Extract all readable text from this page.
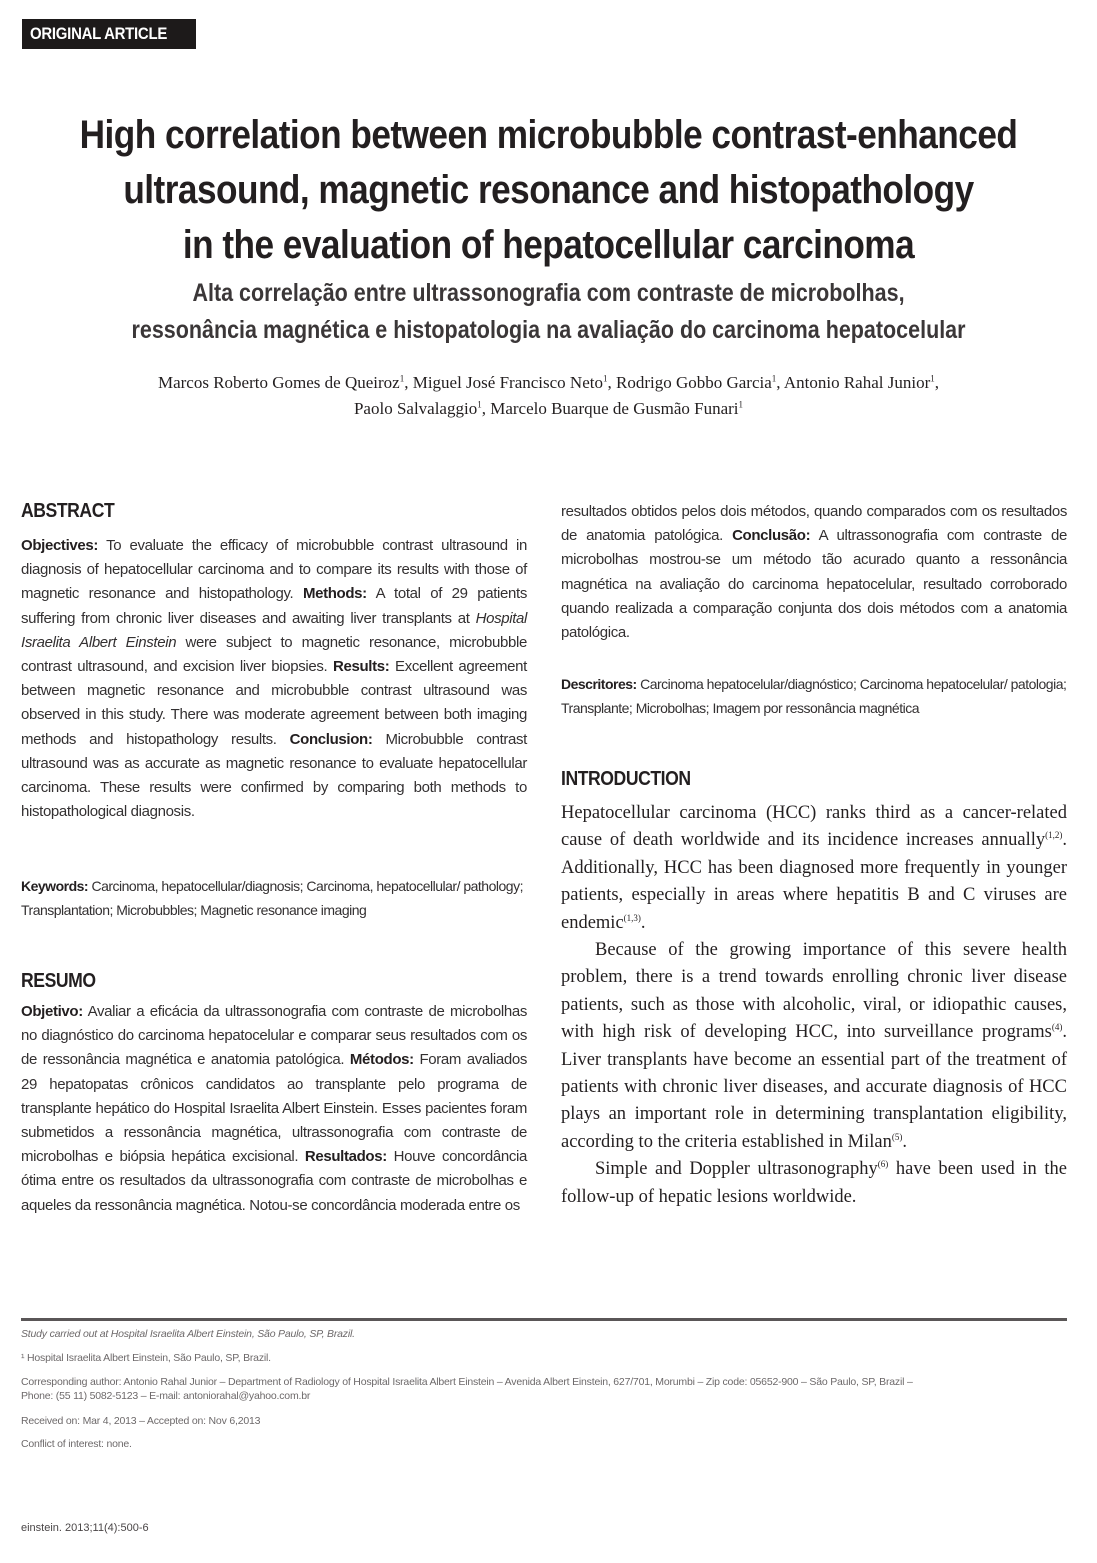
ORIGINAL ARTICLE
High correlation between microbubble contrast-enhanced
ultrasound, magnetic resonance and histopathology
in the evaluation of hepatocellular carcinoma
Alta correlação entre ultrassonografia com contraste de microbolhas,
ressonância magnética e histopatologia na avaliação do carcinoma hepatocelular
Marcos Roberto Gomes de Queiroz$^1$, Miguel José Francisco Neto$^1$, Rodrigo Gobbo Garcia$^1$, Antonio Rahal Junior$^1$,
Paolo Salvalaggio$^1$, Marcelo Buarque de Gusmão Funari$^1$
ABSTRACT
Objectives: To evaluate the efficacy of microbubble contrast ultrasound in diagnosis of hepatocellular carcinoma and to compare its results with those of magnetic resonance and histopathology. Methods: A total of 29 patients suffering from chronic liver diseases and awaiting liver transplants at Hospital Israelita Albert Einstein were subject to magnetic resonance, microbubble contrast ultrasound, and excision liver biopsies. Results: Excellent agreement between magnetic resonance and microbubble contrast ultrasound was observed in this study. There was moderate agreement between both imaging methods and histopathology results. Conclusion: Microbubble contrast ultrasound was as accurate as magnetic resonance to evaluate hepatocellular carcinoma. These results were confirmed by comparing both methods to histopathological diagnosis.
Keywords: Carcinoma, hepatocellular/diagnosis; Carcinoma, hepatocellular/ pathology; Transplantation; Microbubbles; Magnetic resonance imaging
RESUMO
Objetivo: Avaliar a eficácia da ultrassonografia com contraste de microbolhas no diagnóstico do carcinoma hepatocelular e comparar seus resultados com os de ressonância magnética e anatomia patológica. Métodos: Foram avaliados 29 hepatopatas crônicos candidatos ao transplante pelo programa de transplante hepático do Hospital Israelita Albert Einstein. Esses pacientes foram submetidos a ressonância magnética, ultrassonografia com contraste de microbolhas e biópsia hepática excisional. Resultados: Houve concordância ótima entre os resultados da ultrassonografia com contraste de microbolhas e aqueles da ressonância magnética. Notou-se concordância moderada entre os
resultados obtidos pelos dois métodos, quando comparados com os resultados de anatomia patológica. Conclusão: A ultrassonografia com contraste de microbolhas mostrou-se um método tão acurado quanto a ressonância magnética na avaliação do carcinoma hepatocelular, resultado corroborado quando realizada a comparação conjunta dos dois métodos com a anatomia patológica.
Descritores: Carcinoma hepatocelular/diagnóstico; Carcinoma hepatocelular/ patologia; Transplante; Microbolhas; Imagem por ressonância magnética
INTRODUCTION

Hepatocellular carcinoma (HCC) ranks third as a cancer-related cause of death worldwide and its incidence increases annually$^{(1,2)}$. Additionally, HCC has been diagnosed more frequently in younger patients, especially in areas where hepatitis B and C viruses are endemic$^{(1,3)}$.

Because of the growing importance of this severe health problem, there is a trend towards enrolling chronic liver disease patients, such as those with alcoholic, viral, or idiopathic causes, with high risk of developing HCC, into surveillance programs$^{(4)}$. Liver transplants have become an essential part of the treatment of patients with chronic liver diseases, and accurate diagnosis of HCC plays an important role in determining transplantation eligibility, according to the criteria established in Milan$^{(5)}$.

Simple and Doppler ultrasonography$^{(6)}$ have been used in the follow-up of hepatic lesions worldwide.

Study carried out at Hospital Israelita Albert Einstein, São Paulo, SP, Brazil.
¹ Hospital Israelita Albert Einstein, São Paulo, SP, Brazil.
Corresponding author: Antonio Rahal Junior – Department of Radiology of Hospital Israelita Albert Einstein – Avenida Albert Einstein, 627/701, Morumbi – Zip code: 05652-900 – São Paulo, SP, Brazil –
Phone: (55 11) 5082-5123 – E-mail: antoniorahal@yahoo.com.br
Received on: Mar 4, 2013 – Accepted on: Nov 6,2013
Conflict of interest: none.
einstein. 2013;11(4):500-6
